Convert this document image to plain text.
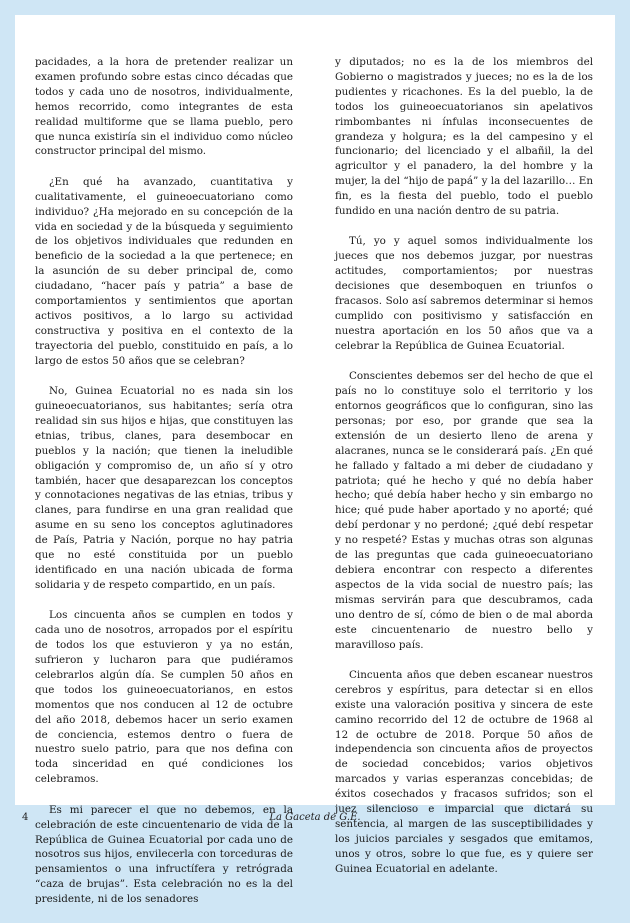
pacidades, a la hora de pretender realizar un examen profundo sobre estas cinco décadas que todos y cada uno de nosotros, individualmente, hemos recorrido, como integrantes de esta realidad multiforme que se llama pueblo, pero que nunca existiría sin el individuo como núcleo constructor principal del mismo.

¿En qué ha avanzado, cuantitativa y cualitativamente, el guineoecuatoriano como individuo? ¿Ha mejorado en su concepción de la vida en sociedad y de la búsqueda y seguimiento de los objetivos individuales que redunden en beneficio de la sociedad a la que pertenece; en la asunción de su deber principal de, como ciudadano, “hacer país y patria” a base de comportamientos y sentimientos que aportan activos positivos, a lo largo su actividad constructiva y positiva en el contexto de la trayectoria del pueblo, constituido en país, a lo largo de estos 50 años que se celebran?

No, Guinea Ecuatorial no es nada sin los guineoecuatorianos, sus habitantes; sería otra realidad sin sus hijos e hijas, que constituyen las etnias, tribus, clanes, para desembocar en pueblos y la nación; que tienen la ineludible obligación y compromiso de, un año sí y otro también, hacer que desaparezcan los conceptos y connotaciones negativas de las etnias, tribus y clanes, para fundirse en una gran realidad que asume en su seno los conceptos aglutinadores de País, Patria y Nación, porque no hay patria que no esté constituida por un pueblo identificado en una nación ubicada de forma solidaria y de respeto compartido, en un país.

Los cincuenta años se cumplen en todos y cada uno de nosotros, arropados por el espíritu de todos los que estuvieron y ya no están, sufrieron y lucharon para que pudiéramos celebrarlos algún día. Se cumplen 50 años en que todos los guineoecuatorianos, en estos momentos que nos conducen al 12 de octubre del año 2018, debemos hacer un serio examen de conciencia, estemos dentro o fuera de nuestro suelo patrio, para que nos defina con toda sinceridad en qué condiciones los celebramos.

Es mi parecer el que no debemos, en la celebración de este cincuentenario de vida de la República de Guinea Ecuatorial por cada uno de nosotros sus hijos, envilecerla con torceduras de pensamientos o una infructífera y retrógrada “caza de brujas”. Esta celebración no es la del presidente, ni de los senadores

y diputados; no es la de los miembros del Gobierno o magistrados y jueces; no es la de los pudientes y ricachones. Es la del pueblo, la de todos los guineoecuatorianos sin apelativos rimbombantes ni ínfulas inconsecuentes de grandeza y holgura; es la del campesino y el funcionario; del licenciado y el albañil, la del agricultor y el panadero, la del hombre y la mujer, la del “hijo de papá” y la del lazarillo… En fin, es la fiesta del pueblo, todo el pueblo fundido en una nación dentro de su patria.

Tú, yo y aquel somos individualmente los jueces que nos debemos juzgar, por nuestras actitudes, comportamientos; por nuestras decisiones que desemboquen en triunfos o fracasos. Solo así sabremos determinar si hemos cumplido con positivismo y satisfacción en nuestra aportación en los 50 años que va a celebrar la República de Guinea Ecuatorial.

Conscientes debemos ser del hecho de que el país no lo constituye solo el territorio y los entornos geográficos que lo configuran, sino las personas; por eso, por grande que sea la extensión de un desierto lleno de arena y alacranes, nunca se le considerará país. ¿En qué he fallado y faltado a mi deber de ciudadano y patriota; qué he hecho y qué no debía haber hecho; qué debía haber hecho y sin embargo no hice; qué pude haber aportado y no aporté; qué debí perdonar y no perdoné; ¿qué debí respetar y no respeté? Estas y muchas otras son algunas de las preguntas que cada guineoecuatoriano debiera encontrar con respecto a diferentes aspectos de la vida social de nuestro país; las mismas servirán para que descubramos, cada uno dentro de sí, cómo de bien o de mal aborda este cincuentenario de nuestro bello y maravilloso país.

Cincuenta años que deben escanear nuestros cerebros y espíritus, para detectar si en ellos existe una valoración positiva y sincera de este camino recorrido del 12 de octubre de 1968 al 12 de octubre de 2018. Porque 50 años de independencia son cincuenta años de proyectos de sociedad concebidos; varios objetivos marcados y varias esperanzas concebidas; de éxitos cosechados y fracasos sufridos; son el juez silencioso e imparcial que dictará su sentencia, al margen de las susceptibilidades y los juicios parciales y sesgados que emitamos, unos y otros, sobre lo que fue, es y quiere ser Guinea Ecuatorial en adelante.

4	La Gaceta de G.E.
